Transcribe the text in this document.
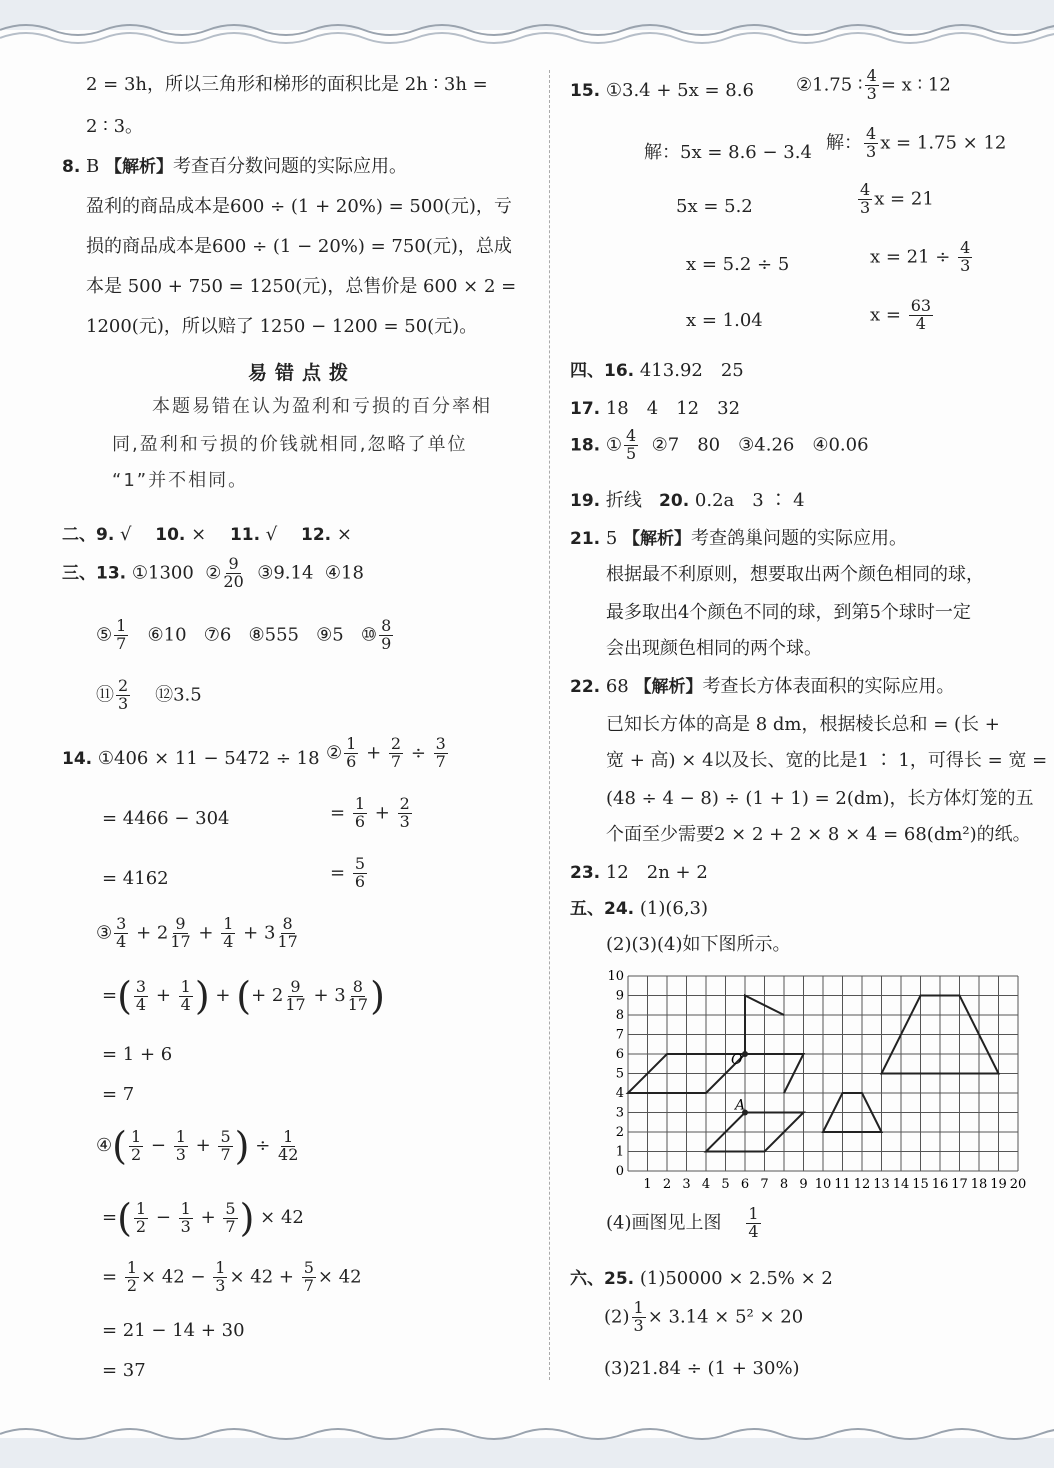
2 = 3h，所以三角形和梯形的面积比是 2h ∶ 3h =
2 ∶ 3。
8. B 【解析】考查百分数问题的实际应用。
盈利的商品成本是600 ÷ (1 + 20%) = 500(元)，亏
损的商品成本是600 ÷ (1 − 20%) = 750(元)，总成
本是 500 + 750 = 1250(元)，总售价是 600 × 2 =
1200(元)，所以赔了 1250 − 1200 = 50(元)。
易错点拨
本题易错在认为盈利和亏损的百分率相
同,盈利和亏损的价钱就相同,忽略了单位
“1”并不相同。
二、9. √　 10. ×　 11. √　 12. ×
三、13. ①1300 ② $\frac{9}{20}$ ③9.14 ④18
⑤ $\frac{1}{7}$ ⑥10 ⑦6 ⑧555 ⑨5 ⑩ $\frac{8}{9}$
⑪ $\frac{2}{3}$ ⑫3.5
14. ①406 × 11 − 5472 ÷ 18
= 4466 − 304
= 4162
② $\frac{1}{6} + \frac{2}{7} \div \frac{3}{7}$
= $\frac{1}{6} + \frac{2}{3}$
= $\frac{5}{6}$
③ $\frac{3}{4} + 2 \frac{9}{17} + \frac{1}{4} + 3 \frac{8}{17}$
=( $\frac{3}{4} + \frac{1}{4}$ ) + (+ $2 \frac{9}{17} + 3 \frac{8}{17}$ )
= 1 + 6
= 7
④( $\frac{1}{2} - \frac{1}{3} + \frac{5}{7}$ ) ÷ $\frac{1}{42}$
=( $\frac{1}{2} - \frac{1}{3} + \frac{5}{7}$ ) × 42
= $\frac{1}{2} \times 42 - \frac{1}{3} \times 42 + \frac{5}{7} \times 42$
= 21 − 14 + 30
= 37
15. ①3.4 + 5x = 8.6 ②1.75 ∶ $\frac{4}{3} = x$ ∶ 12
解：5x = 8.6 − 3.4 解： $\frac{4}{3}$ x = 1.75 × 12
5x = 5.2	$\frac{4}{3}$ x = 21
x = 5.2 ÷ 5	$x = 21 \div \frac{4}{3}$
x = 1.04	$x = \frac{63}{4}$
四、16. 413.92　25
17. 18　4　12　32
18. ① $\frac{4}{5}$ ②7　80　③4.26　④0.06
19. 折线 20. 0.2a　3 ∶ 4
21. 5 【解析】考查鸽巢问题的实际应用。
根据最不利原则，想要取出两个颜色相同的球，
最多取出4个颜色不同的球，到第5个球时一定
会出现颜色相同的两个球。
22. 68 【解析】考查长方体表面积的实际应用。
已知长方体的高是 8 dm，根据棱长总和 = (长 +
宽 + 高) × 4以及长、宽的比是1 ∶ 1，可得长 = 宽 =
(48 ÷ 4 − 8) ÷ (1 + 1) = 2(dm)，长方体灯笼的五
个面至少需要2 × 2 + 2 × 8 × 4 = 68(dm²)的纸。
23. 12　2n + 2
五、24. (1)(6,3)
(2)(3)(4)如下图所示。
1 2 3 4 5 6 7 8 9 10 11 12 13 14 15 16 17 18 19 20
0
1
2
3
4
5
6
7
8
9
10
O
A
(4)画图见上图 $\frac{1}{4}$
六、25. (1)50000 × 2.5% × 2
$(2) \frac{1}{3} \times 3.14 \times 5^2 \times 20$
(3)21.84 ÷ (1 + 30%)
